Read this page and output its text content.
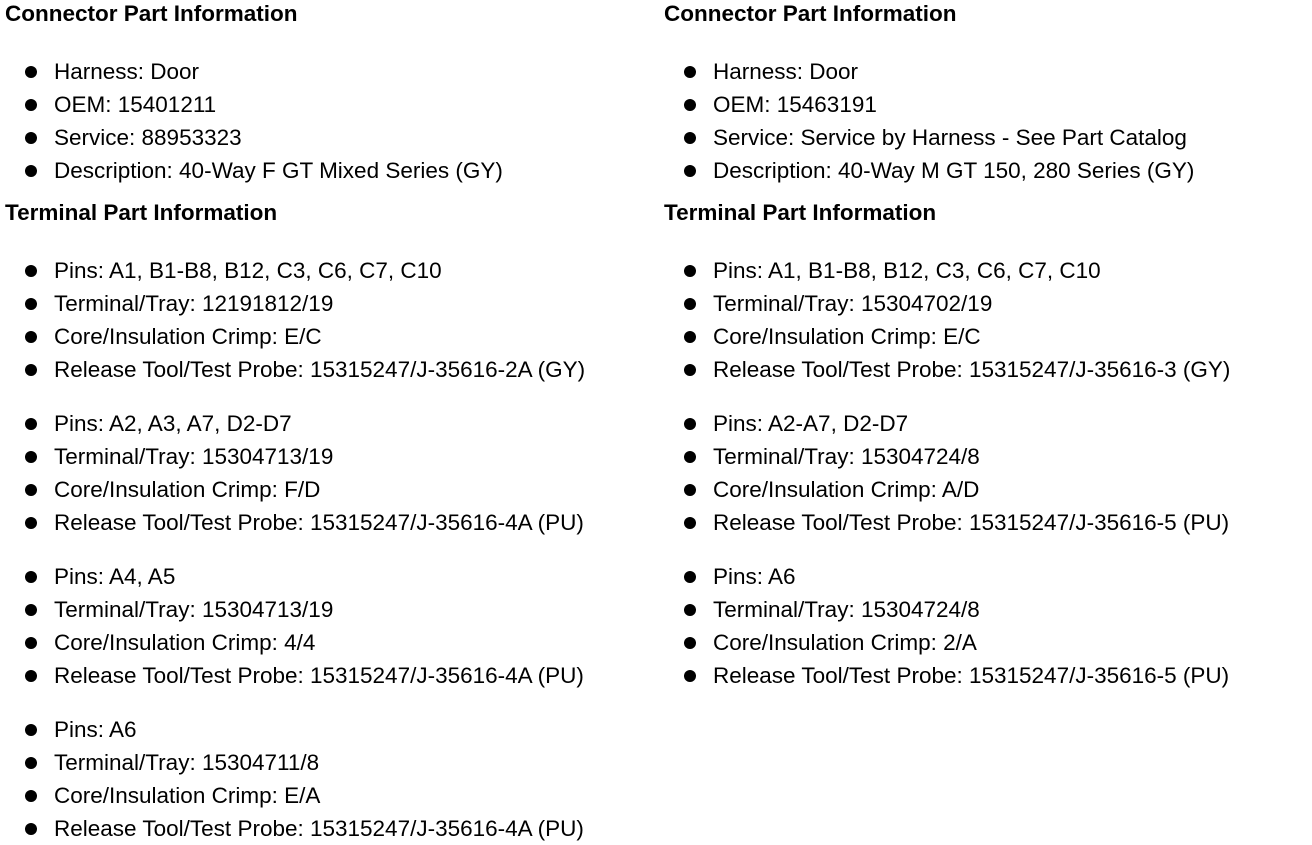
Connector Part Information
Harness: Door
OEM: 15401211
Service: 88953323
Description: 40-Way F GT Mixed Series (GY)
Terminal Part Information
Pins: A1, B1-B8, B12, C3, C6, C7, C10
Terminal/Tray: 12191812/19
Core/Insulation Crimp: E/C
Release Tool/Test Probe: 15315247/J-35616-2A (GY)
Pins: A2, A3, A7, D2-D7
Terminal/Tray: 15304713/19
Core/Insulation Crimp: F/D
Release Tool/Test Probe: 15315247/J-35616-4A (PU)
Pins: A4, A5
Terminal/Tray: 15304713/19
Core/Insulation Crimp: 4/4
Release Tool/Test Probe: 15315247/J-35616-4A (PU)
Pins: A6
Terminal/Tray: 15304711/8
Core/Insulation Crimp: E/A
Release Tool/Test Probe: 15315247/J-35616-4A (PU)
Connector Part Information
Harness: Door
OEM: 15463191
Service: Service by Harness - See Part Catalog
Description: 40-Way M GT 150, 280 Series (GY)
Terminal Part Information
Pins: A1, B1-B8, B12, C3, C6, C7, C10
Terminal/Tray: 15304702/19
Core/Insulation Crimp: E/C
Release Tool/Test Probe: 15315247/J-35616-3 (GY)
Pins: A2-A7, D2-D7
Terminal/Tray: 15304724/8
Core/Insulation Crimp: A/D
Release Tool/Test Probe: 15315247/J-35616-5 (PU)
Pins: A6
Terminal/Tray: 15304724/8
Core/Insulation Crimp: 2/A
Release Tool/Test Probe: 15315247/J-35616-5 (PU)
